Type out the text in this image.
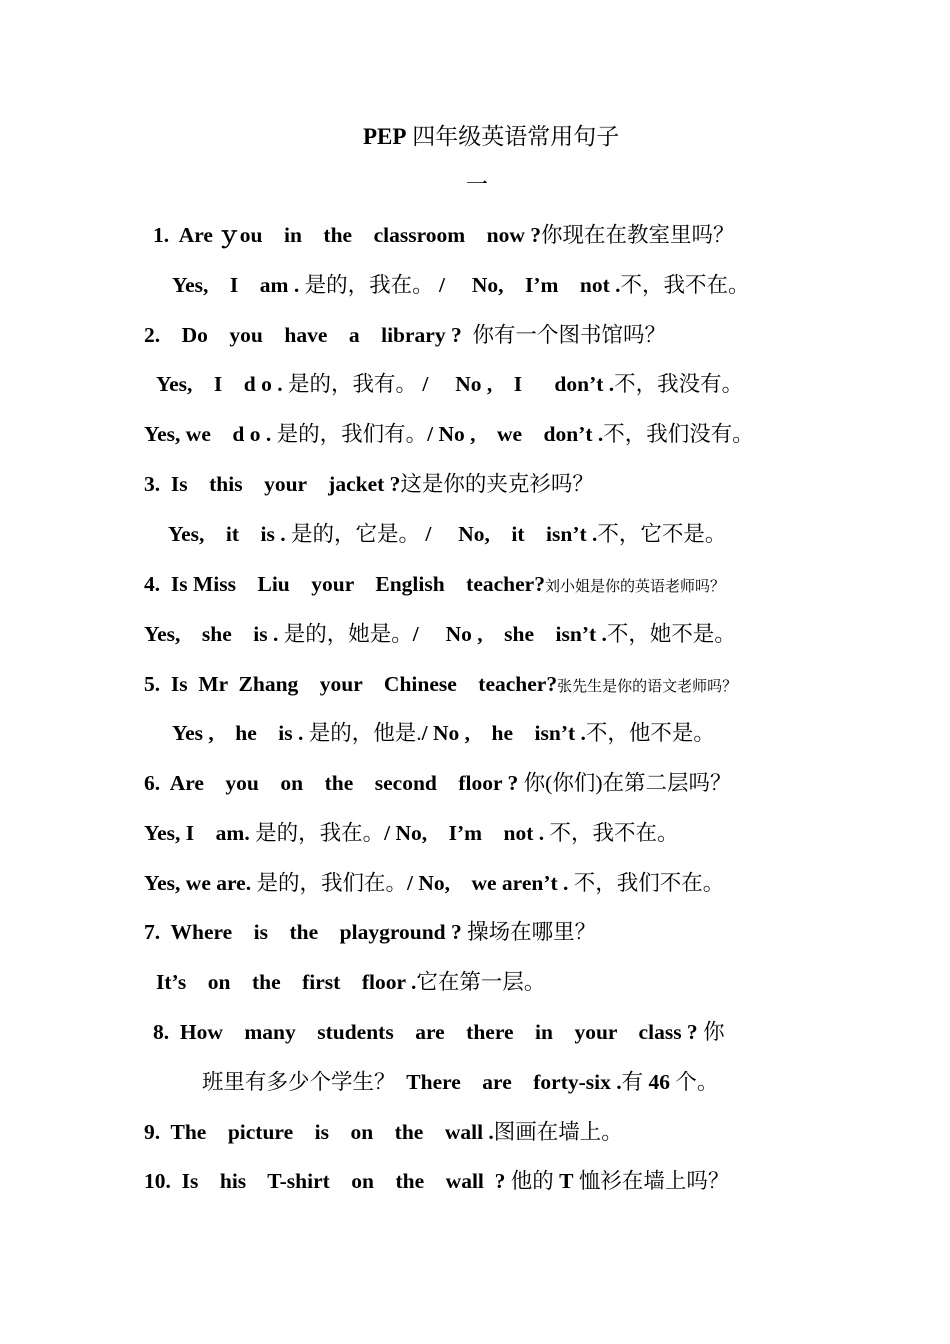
PEP 四年级英语常用句子
一
1.  Are ｙou    in    the    classroom    now ?你现在在教室里吗？
Yes,    I    am . 是的，我在。 /     No,    I’m    not .不，我不在。
2.    Do    you    have    a    library ?  你有一个图书馆吗？
Yes,    I    d o . 是的，我有。 /     No ,    I      don’t .不，我没有。
Yes, we    d o . 是的，我们有。/ No ,    we    don’t .不，我们没有。
3.  Is    this    your    jacket ?这是你的夹克衫吗？
Yes,    it    is . 是的，它是。 /     No,    it    isn’t .不，它不是。
4.  Is Miss    Liu    your    English    teacher?刘小姐是你的英语老师吗？
Yes,    she    is . 是的，她是。/     No ,    she    isn’t .不，她不是。
5.  Is  Mr  Zhang    your    Chinese    teacher?张先生是你的语文老师吗？
Yes ,    he    is . 是的，他是./ No ,    he    isn’t .不，他不是。
6.  Are    you    on    the    second    floor ? 你(你们)在第二层吗？
Yes, I    am. 是的，我在。/ No,    I’m    not . 不，我不在。
Yes, we are. 是的，我们在。/ No,    we aren’t . 不，我们不在。
7.  Where    is    the    playground ? 操场在哪里？
It’s    on    the    first    floor .它在第一层。
8.  How    many    students    are    there    in    your    class ? 你
班里有多少个学生？  There    are    forty-six .有 46 个。
9.  The    picture    is    on    the    wall .图画在墙上。
10.  Is    his    T-shirt    on    the    wall  ? 他的 T 恤衫在墙上吗？
